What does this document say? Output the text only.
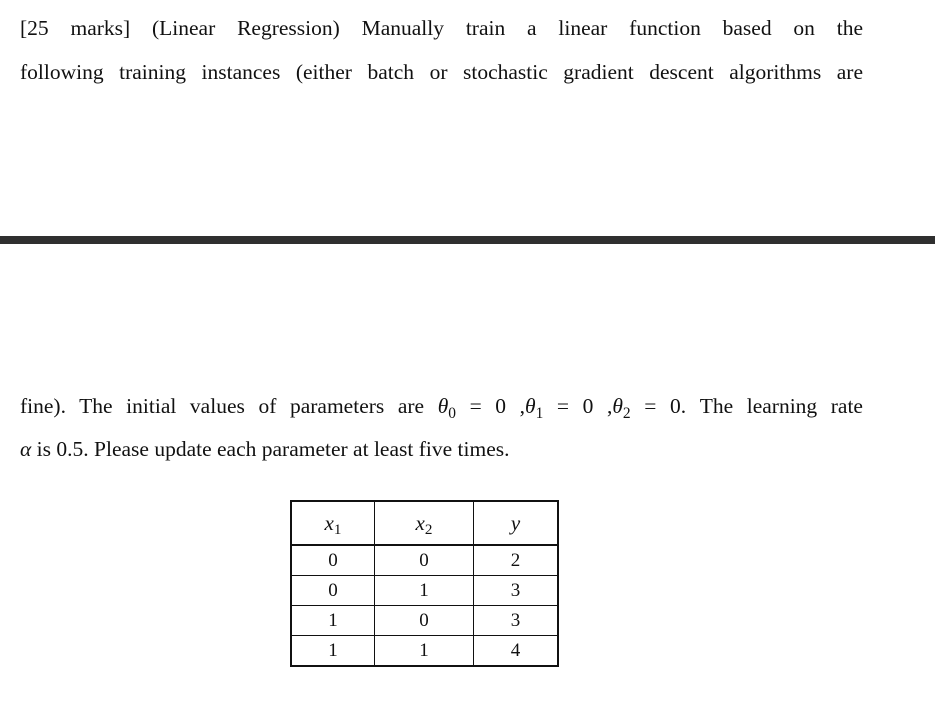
[25 marks] (Linear Regression) Manually train a linear function based on the
following training instances (either batch or stochastic gradient descent algorithms are
fine). The initial values of parameters are $\theta_0 = 0$ $,\theta_1 = 0$ $,\theta_2 = 0$. The learning rate
α is 0.5. Please update each parameter at least five times.
$x_1$	$x_2$	y
0	0	2
0	1	3
1	0	3
1	1	4
